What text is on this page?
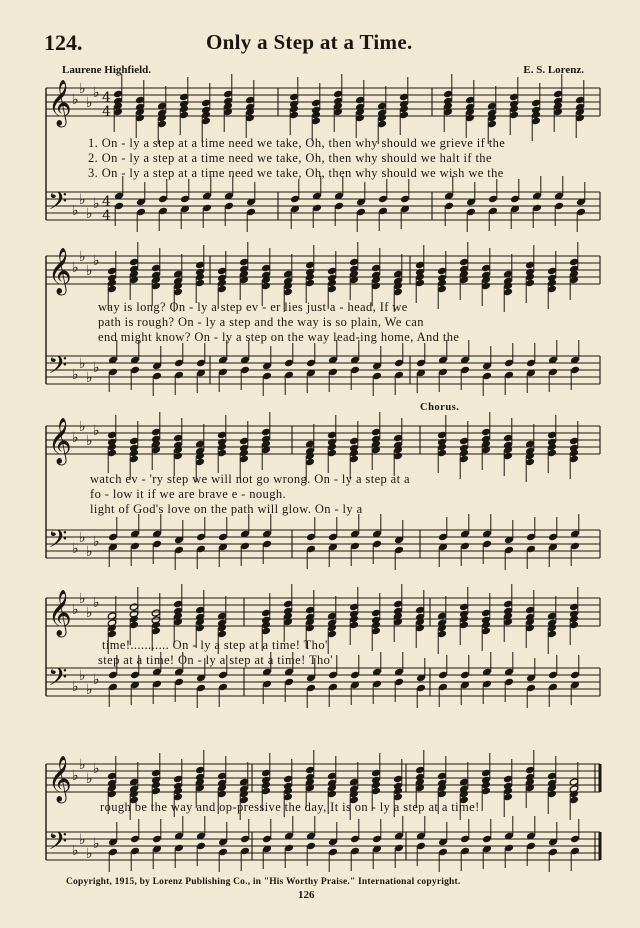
124.	Only a Step at a Time.
Laurene Highfield.	E. S. Lorenz.
Chorus.
𝄞
𝄢
♭
♭
♭
♭
♭
♭
♭
♭
4
4
4
4
𝄞
𝄢
♭
♭
♭
♭
♭
♭
♭
♭
𝄞
𝄢
♭
♭
♭
♭
♭
♭
♭
♭
𝄞
𝄢
♭
♭
♭
♭
♭
♭
♭
♭
𝄞
𝄢
♭
♭
♭
♭
♭
♭
♭
♭
1. On - ly a step at a time need we take, Oh, then why should we grieve if the
2. On - ly a step at a time need we take, Oh, then why should we halt if the
3. On - ly a step at a time need we take, Oh, then why should we wish we the
way is long? On - ly a step ev - er lies just a - head, If we
path is rough? On - ly a step and the way is so plain, We can
end might know? On - ly a step on the way lead-ing home, And the
watch ev - 'ry step we will not go wrong. On - ly a step at a
fo - low it if we are brave e - nough.
light of God's love on the path will glow. On - ly a
time!........... On - ly a step at a time! Tho'
step at a time! On - ly a step at a time! Tho'
rough be the way and op-pressive the day, It is on - ly a step at a time!
Copyright, 1915, by Lorenz Publishing Co., in "His Worthy Praise." International copyright.
126
